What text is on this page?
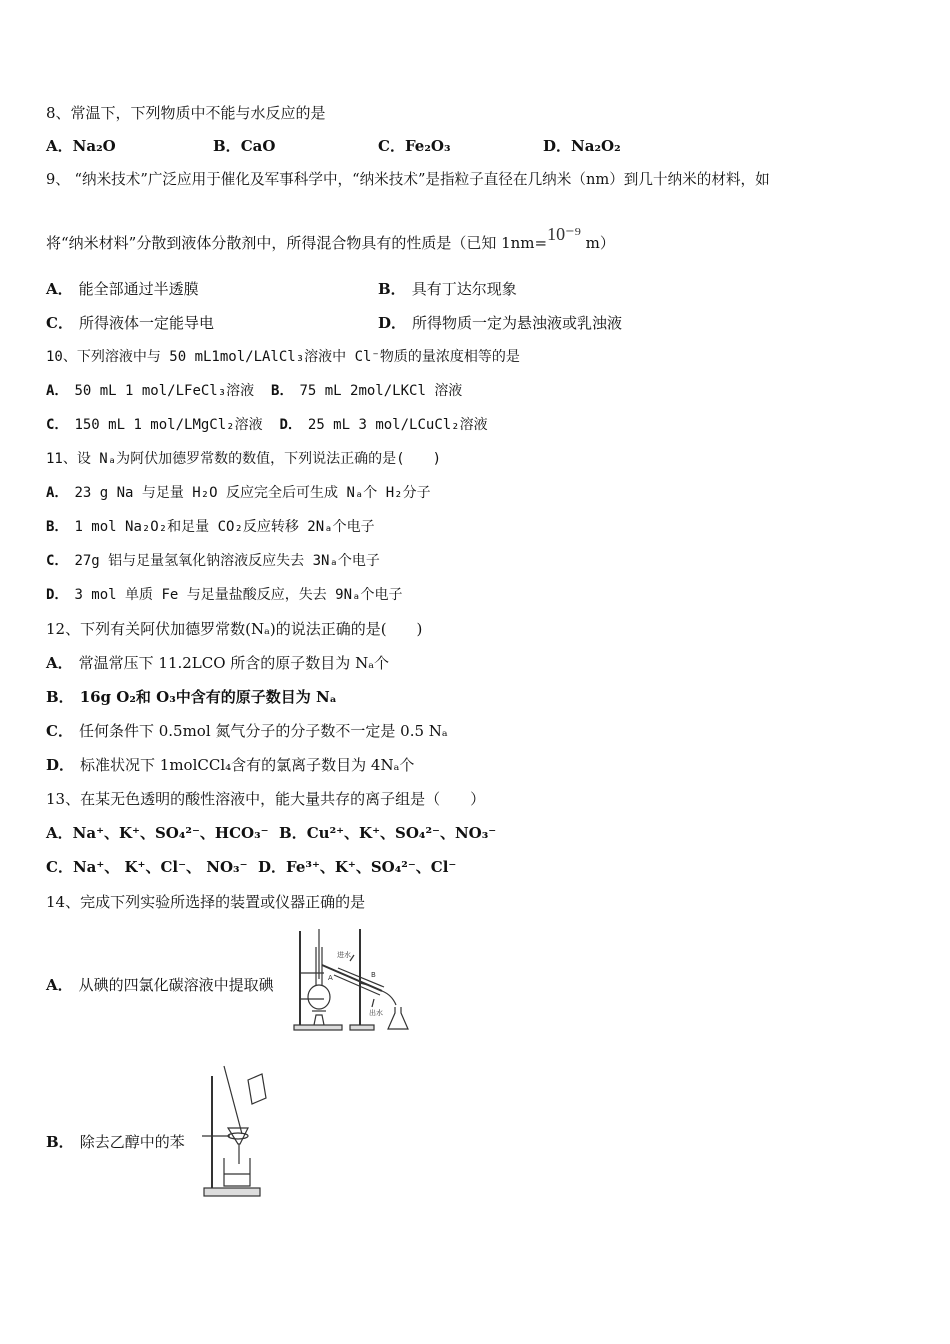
8、常温下，下列物质中不能与水反应的是
A．Na₂O	B．CaO	C．Fe₂O₃	D．Na₂O₂
9、 “纳米技术”广泛应用于催化及军事科学中，“纳米技术”是指粒子直径在几纳米（nm）到几十纳米的材料，如
将“纳米材料”分散到液体分散剂中，所得混合物具有的性质是（已知 1nm=10⁻⁹ m）
A． 能全部通过半透膜	B． 具有丁达尔现象
C． 所得液体一定能导电	D． 所得物质一定为悬浊液或乳浊液
10、下列溶液中与 50 mL1mol/LAlCl₃溶液中 Cl⁻物质的量浓度相等的是
A． 50 mL 1 mol/LFeCl₃溶液 B． 75 mL 2mol/LKCl 溶液
C． 150 mL 1 mol/LMgCl₂溶液 D． 25 mL 3 mol/LCuCl₂溶液
11、设 Nₐ为阿伏加德罗常数的数值，下列说法正确的是(　　)
A． 23 g Na 与足量 H₂O 反应完全后可生成 Nₐ个 H₂分子
B． 1 mol Na₂O₂和足量 CO₂反应转移 2Nₐ个电子
C． 27g 铝与足量氢氧化钠溶液反应失去 3Nₐ个电子
D． 3 mol 单质 Fe 与足量盐酸反应，失去 9Nₐ个电子
12、下列有关阿伏加德罗常数(Nₐ)的说法正确的是(　　)
A． 常温常压下 11.2LCO 所含的原子数目为 Nₐ个
B． 16g O₂和 O₃中含有的原子数目为 Nₐ
C． 任何条件下 0.5mol 氮气分子的分子数不一定是 0.5 Nₐ
D． 标准状况下 1molCCl₄含有的氯离子数目为 4Nₐ个
13、在某无色透明的酸性溶液中，能大量共存的离子组是（　　）
A．Na⁺、K⁺、SO₄²⁻、HCO₃⁻ B．Cu²⁺、K⁺、SO₄²⁻、NO₃⁻
C．Na⁺、 K⁺、Cl⁻、 NO₃⁻ D．Fe³⁺、K⁺、SO₄²⁻、Cl⁻
14、完成下列实验所选择的装置或仪器正确的是
A． 从碘的四氯化碳溶液中提取碘
进水
出水
B
A
B． 除去乙醇中的苯
